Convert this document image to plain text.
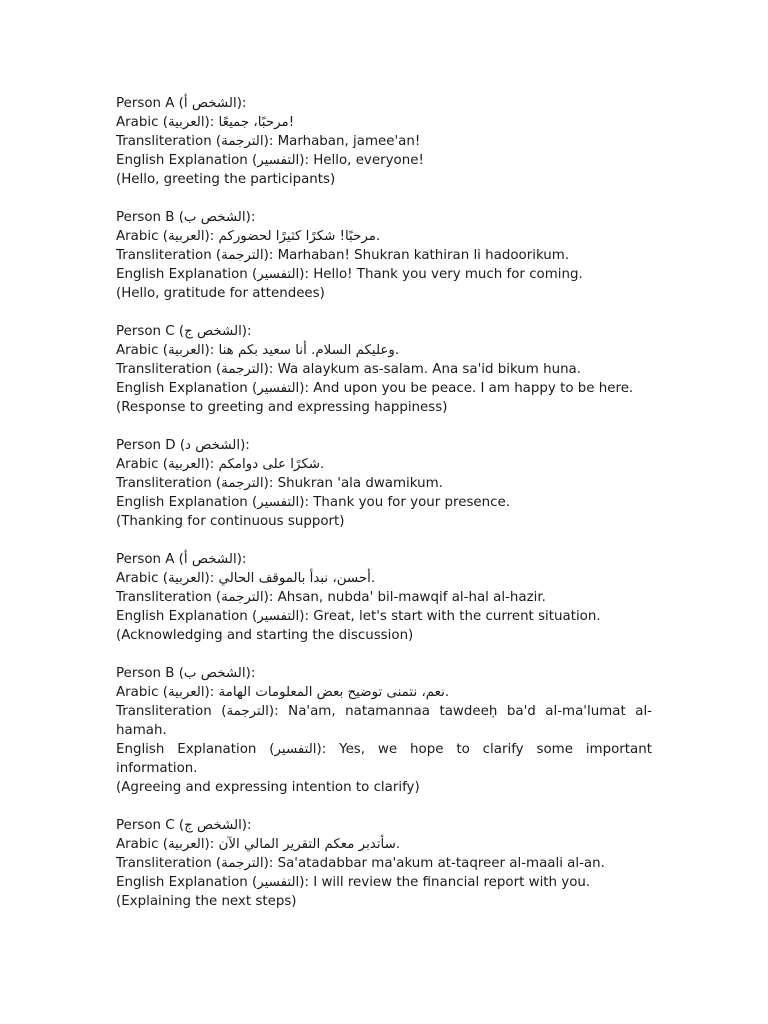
Person A (الشخص أ):
Arabic (العربية): مرحبًا، جميعًا!
Transliteration (الترجمة): Marhaban, jamee'an!
English Explanation (التفسير): Hello, everyone!
(Hello, greeting the participants)
Person B (الشخص ب):
Arabic (العربية): مرحبًا! شكرًا كثيرًا لحضوركم.
Transliteration (الترجمة): Marhaban! Shukran kathiran li hadoorikum.
English Explanation (التفسير): Hello! Thank you very much for coming.
(Hello, gratitude for attendees)
Person C (الشخص ج):
Arabic (العربية): وعليكم السلام. أنا سعيد بكم هنا.
Transliteration (الترجمة): Wa alaykum as-salam. Ana sa'id bikum huna.
English Explanation (التفسير): And upon you be peace. I am happy to be here.
(Response to greeting and expressing happiness)
Person D (الشخص د):
Arabic (العربية): شكرًا على دوامكم.
Transliteration (الترجمة): Shukran 'ala dwamikum.
English Explanation (التفسير): Thank you for your presence.
(Thanking for continuous support)
Person A (الشخص أ):
Arabic (العربية): أحسن، نبدأ بالموقف الحالي.
Transliteration (الترجمة): Ahsan, nubda' bil-mawqif al-hal al-hazir.
English Explanation (التفسير): Great, let's start with the current situation.
(Acknowledging and starting the discussion)
Person B (الشخص ب):
Arabic (العربية): نعم، نتمنى توضيح بعض المعلومات الهامة.
Transliteration (الترجمة): Na'am, natamannaa tawdeeḥ ba'd al-ma'lumat al-hamah.
English Explanation (التفسير): Yes, we hope to clarify some important information.
(Agreeing and expressing intention to clarify)
Person C (الشخص ج):
Arabic (العربية): سأتدبر معكم التقرير المالي الآن.
Transliteration (الترجمة): Sa'atadabbar ma'akum at-taqreer al-maali al-an.
English Explanation (التفسير): I will review the financial report with you.
(Explaining the next steps)
